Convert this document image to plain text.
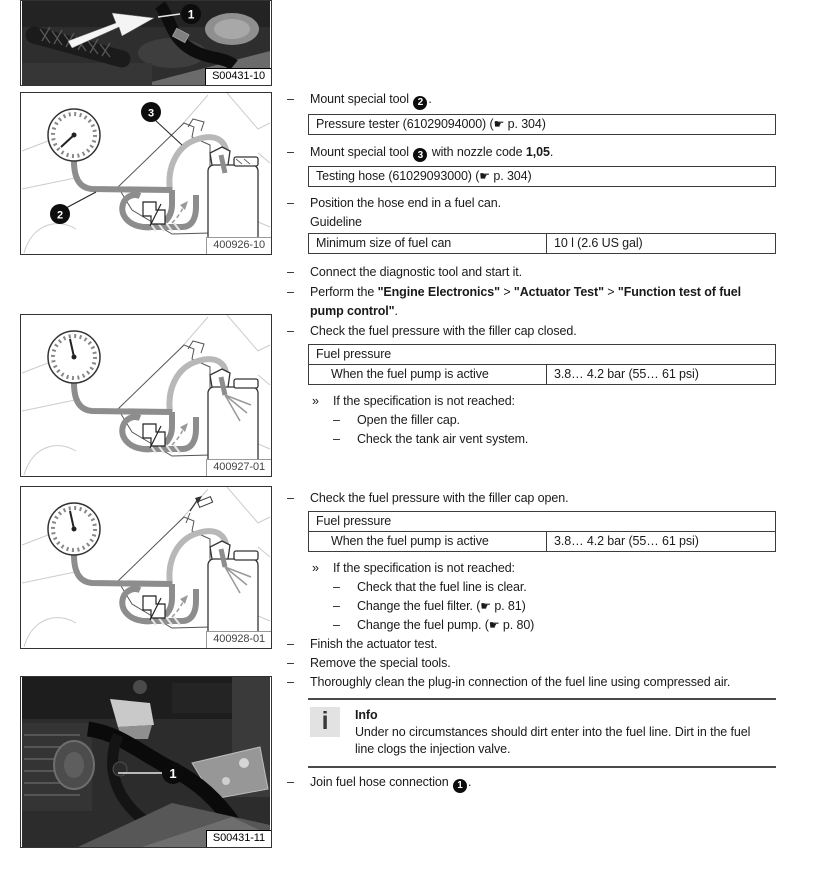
1
S00431-10
2
3
400926-10
400927-01
400928-01
1
S00431-11
–	Mount special tool 2 .
Pressure tester (61029094000) (☛ p. 304)
–	Mount special tool 3 with nozzle code 1,05.
Testing hose (61029093000) (☛ p. 304)
–	Position the hose end in a fuel can.
Guideline
Minimum size of fuel can	10 l (2.6 US gal)
–	Connect the diagnostic tool and start it.
–	Perform the "Engine Electronics" > "Actuator Test" > "Function test of fuel pump control".
–	Check the fuel pressure with the filler cap closed.
Fuel pressure
When the fuel pump is active	3.8… 4.2 bar (55… 61 psi)
»	If the specification is not reached:
–	Open the filler cap.
–	Check the tank air vent system.
–	Check the fuel pressure with the filler cap open.
Fuel pressure
When the fuel pump is active	3.8… 4.2 bar (55… 61 psi)
»	If the specification is not reached:
–	Check that the fuel line is clear.
–	Change the fuel filter. (☛ p. 81)
–	Change the fuel pump. (☛ p. 80)
–	Finish the actuator test.
–	Remove the special tools.
–	Thoroughly clean the plug-in connection of the fuel line using compressed air.
i	Info
Under no circumstances should dirt enter into the fuel line. Dirt in the fuel line clogs the injection valve.
–	Join fuel hose connection 1 .
